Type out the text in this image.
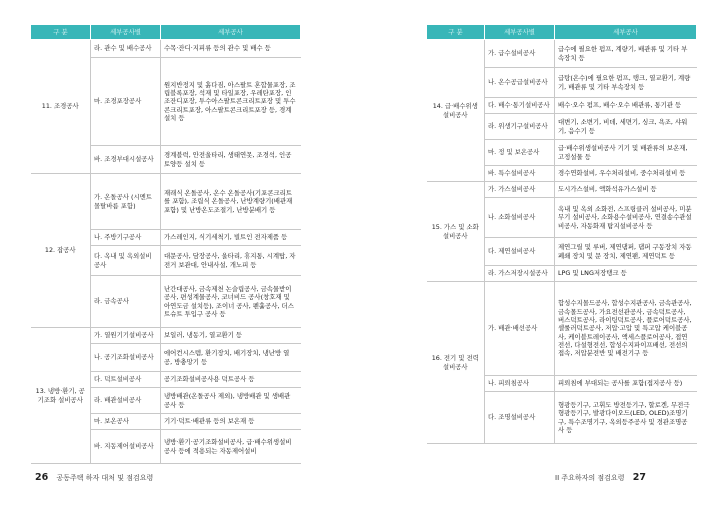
구 분	세부공사별	세부공사
11. 조경공사	라. 관수 및 배수공사	수목·잔디·지피류 등의 관수 및 배수 등
	마. 조경포장공사	원지반정지 및 흙다짐, 아스팔트 혼합물포장, 조립블록포장, 석재 및 타일포장, 우레탄포장, 인조잔디포장, 투수아스팔트콘크리트포장 및 투수콘크리트포장, 아스팔트콘크리트포장 등, 경계설치 등
	바. 조경부대시설공사	경계블럭, 안전울타리, 생태연못, 조경석, 인공토양등 설치 등
12. 잡공사	가. 온돌공사 (시멘트몰탈바름 포함)	재래식 온돌공사, 온수 온돌공사(기포콘크리트를 포함), 조립식 온돌공사, 난방계량기(배관재 포함) 및 난방온도조절기, 난방분배기 등
	나. 주방기구공사	가스레인지, 식기세척기, 빌트인 전자제품 등
	다. 옥내 및 옥외설비공사	대문공사, 담장공사, 울타리, 휴지통, 시계탑, 자전거 보관대, 안내사설, 개노피 등
	라. 금속공사	난간대공사, 금속제천 논슬립공사, 금속물받이 공사, 편성계물공사, 코너비드 공사(창호재 및 아연도금 설치등), 조이너 공사, 펜휼공사, 더스트슈트 투입구 공사 등
13. 냉방·환기, 공기조화 설비공사	가. 열원기기설비공사	보일러, 냉동기, 열교환기 등
	나. 공기조화설비공사	에어컨시스템, 환기장치, 배기장치, 냉난방 열공, 방충망기 등
	다. 덕트설비공사	공기조화설비공사용 덕트공사 등
	라. 배관설비공사	냉방배관(온돌공사 제외), 냉방배관 및 생배관 공사 등
	마. 보온공사	기기·덕트·배관류 등의 보온재 등
	바. 지동제어설비공사	냉방·환기·공기조화설비공사, 급·배수위생설비공사 등에 적용되는 자동제어설비
구 분	세부공사별	세부공사
14. 급·배수위생 설비공사	가. 급수설비공사	급수에 필요한 펌프, 계량기, 배관류 및 기타 부속장치 등
	나. 온수공급설비공사	급탕(온수)에 필요한 펌프, 탱크, 열교환기, 계량기, 배관류 및 기타 부속장치 등
	다. 배수·통기설비공사	배수·오수 펌프, 배수·오수 배관류, 통기관 등
	라. 위생기구설비공사	대변기, 소변기, 비데, 세면기, 싱크, 욕조, 샤워기, 음수기 등
	마. 정 및 보온공사	급·배수위생설비공사 기기 및 배관류의 보온재, 고정설물 등
	바. 특수설비공사	경수연화설비, 우수처리설비, 중수처리설비 등
15. 가스 및 소화설비공사	가. 가스설비공사	도시가스설비, 액화석유가스설비 등
	나. 소화설비공사	옥내 및 옥외 소화전, 스프링클러 설비공사, 미분무기 설비공사, 소화용수설비공사, 연결송수관설비공사, 자동화재 탐지설비공사 등
	다. 제연설비공사	제연그릴 및 루버, 제연댐퍼, 댐퍼 구동장치 자동폐쇄 장치 및 문 장치, 제연팬, 제연덕트 등
	라. 가스저장시설공사	LPG 및 LNG저장탱크 등
16. 전기 및 전력설비공사	가. 배관·배선공사	합성수지몰드공사, 합성수지관공사, 금속관공사, 금속몰드공사, 가요전선관공사, 금속덕트공사, 버스덕트공사, 라이팅덕트공사, 플로어덕트공사, 셀룰러덕트공사, 저압·고압 및 특고압 케이블공사, 케이블트레이공사, 액세스플로어공사, 접연전선, 다설형전선, 합성수지파이프배선, 전선의 접속, 저압분전반 및 배전기구 등
	나. 피뢰침공사	피뢰침에 부대되는 공사를 포함(접지공사 등)
	다. 조명설비공사	형광등기구, 고휘도 방전등기구, 할로겐, 무전극 형광등기구, 발광다이오드(LED, OLED)조명기구, 특수조명기구, 옥외등주공사 및 경관조명공사 등
26 공동주택 하자 대처 및 점검요령	II 주요하자의 점검요령 27
